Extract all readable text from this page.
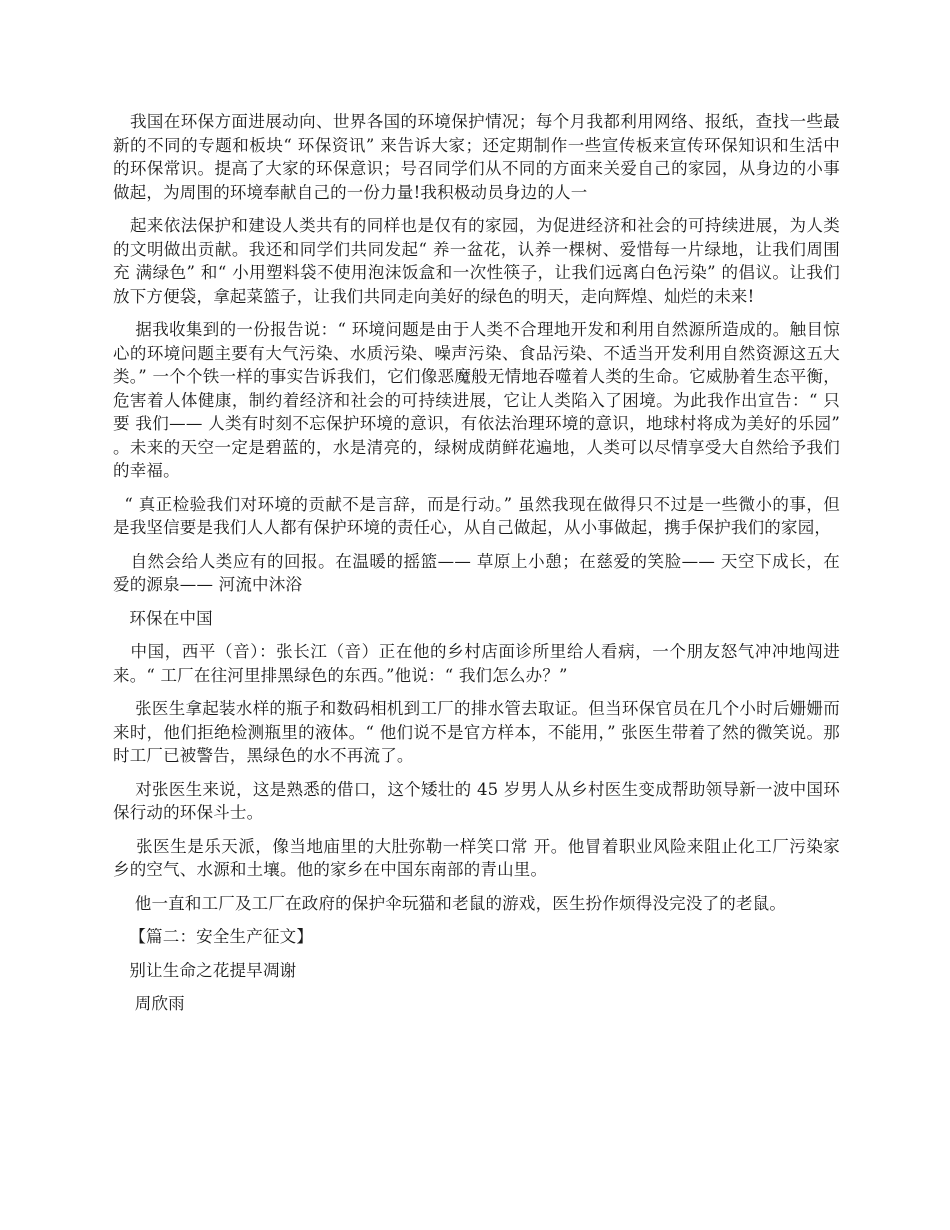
我国在环保方面进展动向、世界各国的环境保护情况；每个月我都利用网络、报纸，查找一些最新的不同的专题和板块“ 环保资讯” 来告诉大家；还定期制作一些宣传板来宣传环保知识和生活中的环保常识。提高了大家的环保意识；号召同学们从不同的方面来关爱自己的家园，从身边的小事做起，为周围的环境奉献自己的一份力量!我积极动员身边的人一

起来依法保护和建设人类共有的同样也是仅有的家园，为促进经济和社会的可持续进展，为人类的文明做出贡献。我还和同学们共同发起“ 养一盆花，认养一棵树、爱惜每一片绿地，让我们周围充 满绿色” 和“ 小用塑料袋不使用泡沫饭盒和一次性筷子，让我们远离白色污染” 的倡议。让我们放下方便袋，拿起菜篮子，让我们共同走向美好的绿色的明天，走向辉煌、灿烂的未来!

据我收集到的一份报告说：“ 环境问题是由于人类不合理地开发和利用自然源所造成的。触目惊心的环境问题主要有大气污染、水质污染、噪声污染、食品污染、不适当开发利用自然资源这五大类。” 一个个铁一样的事实告诉我们，它们像恶魔般无情地吞噬着人类的生命。它威胁着生态平衡，危害着人体健康，制约着经济和社会的可持续进展，它让人类陷入了困境。为此我作出宣告：“ 只要 我们—— 人类有时刻不忘保护环境的意识，有依法治理环境的意识，地球村将成为美好的乐园” 。未来的天空一定是碧蓝的，水是清亮的，绿树成荫鲜花遍地，人类可以尽情享受大自然给予我们的幸福。

“ 真正检验我们对环境的贡献不是言辞，而是行动。” 虽然我现在做得只不过是一些微小的事，但是我坚信要是我们人人都有保护环境的责任心，从自己做起，从小事做起，携手保护我们的家园，

自然会给人类应有的回报。在温暖的摇篮—— 草原上小憩；在慈爱的笑脸—— 天空下成长，在爱的源泉—— 河流中沐浴

环保在中国

中国，西平（音）：张长江（音）正在他的乡村店面诊所里给人看病，一个朋友怒气冲冲地闯进来。“ 工厂在往河里排黑绿色的东西。”他说：“ 我们怎么办？”

张医生拿起装水样的瓶子和数码相机到工厂的排水管去取证。但当环保官员在几个小时后姗姗而来时，他们拒绝检测瓶里的液体。“ 他们说不是官方样本，不能用，” 张医生带着了然的微笑说。那时工厂已被警告，黑绿色的水不再流了。

对张医生来说，这是熟悉的借口，这个矮壮的 45 岁男人从乡村医生变成帮助领导新一波中国环保行动的环保斗士。

张医生是乐天派，像当地庙里的大肚弥勒一样笑口常 开。他冒着职业风险来阻止化工厂污染家乡的空气、水源和土壤。他的家乡在中国东南部的青山里。

他一直和工厂及工厂在政府的保护伞玩猫和老鼠的游戏，医生扮作烦得没完没了的老鼠。

【篇二：安全生产征文】

别让生命之花提早凋谢

周欣雨
